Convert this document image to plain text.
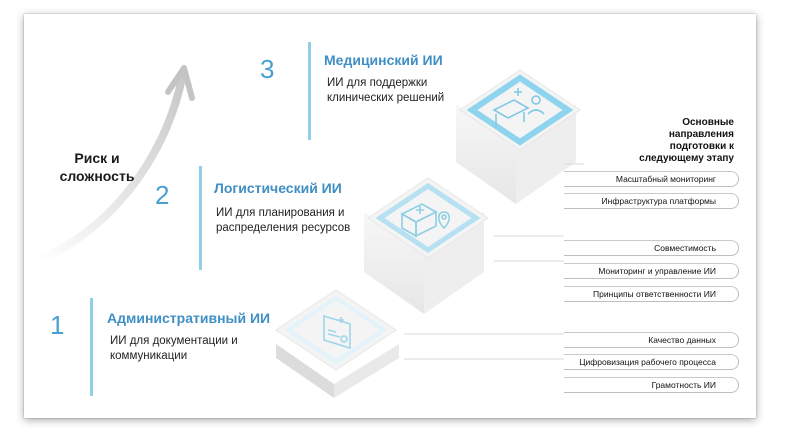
Риск и сложность
3	Медицинский ИИ
ИИ для поддержки клинических решений
2	Логистический ИИ
ИИ для планирования и распределения ресурсов
1	Административный ИИ
ИИ для документации и коммуникации
Основные направления подготовки к следующему этапу
Масштабный мониторинг
Инфраструктура платформы
Совместимость
Мониторинг и управление ИИ
Принципы ответственности ИИ
Качество данных
Цифровизация рабочего процесса
Грамотность ИИ
